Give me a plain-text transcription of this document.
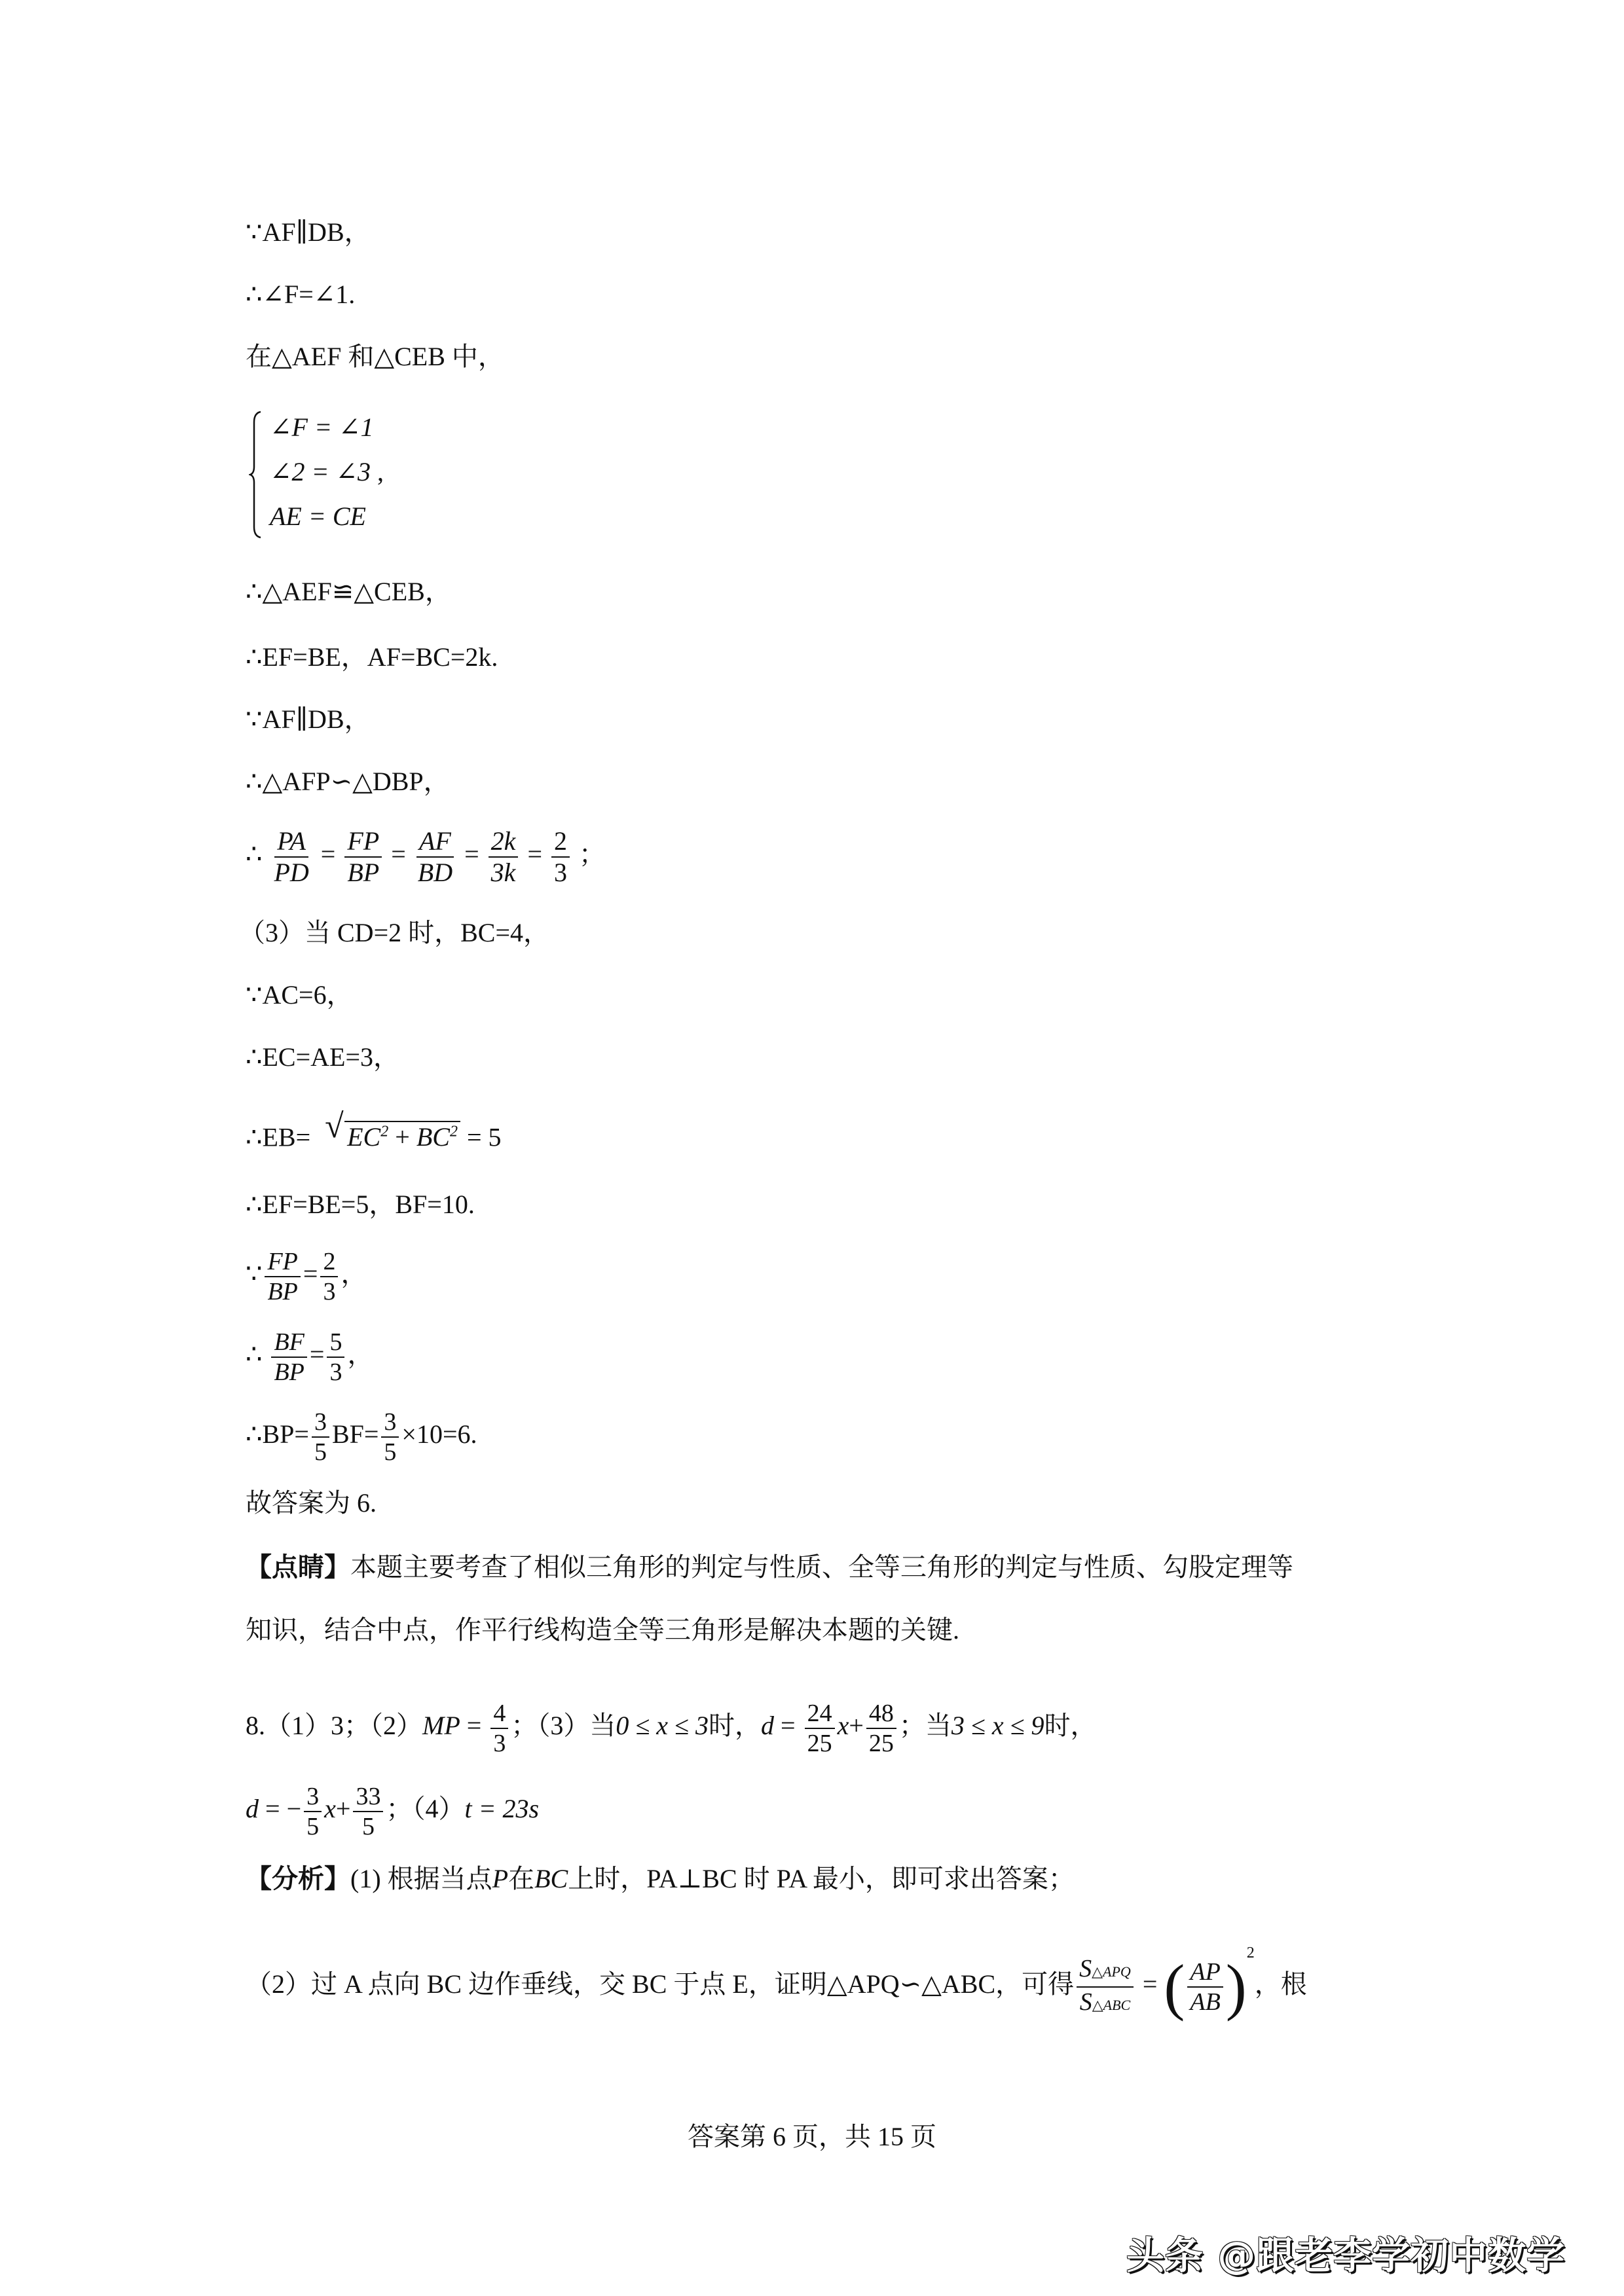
∵AF∥DB，
∴∠F=∠1.
在△AEF 和△CEB 中，
∠F = ∠1
∠2 = ∠3 ,
AE = CE
∴△AEF≌△CEB，
∴EF=BE，AF=BC=2k.
∵AF∥DB，
∴△AFP∽△DBP，
∴ $\frac{PA}{PD} = \frac{FP}{BP} = \frac{AF}{BD} = \frac{2k}{3k} = \frac{2}{3}$ ；
（3）当 CD=2 时，BC=4，
∵AC=6，
∴EC=AE=3，
∴EB= √ $EC^2 + BC^2 = 5$
∴EF=BE=5，BF=10.
∵ $\frac{FP}{BP} = \frac{2}{3}$ ，
∴ $\frac{BF}{BP} = \frac{5}{3}$ ，
∴BP= $\frac{3}{5} BF= \frac{3}{5} \times 10=6$.
故答案为 6.
【点睛】本题主要考查了相似三角形的判定与性质、全等三角形的判定与性质、勾股定理等
知识，结合中点，作平行线构造全等三角形是解决本题的关键.
8.（1）3；$(2)MP = \frac{4}{3}$ ；（3）当0 ≤ x ≤ 3时，$d = \frac{24}{25} x+ \frac{48}{25}$ ；当3 ≤ x ≤ 9时，
d = − $\frac{3}{5} x+ \frac{33}{5}$ ；（4）t = 23s
【分析】(1) 根据当点P在BC上时，PA⊥BC 时 PA 最小，即可求出答案；
（2）过 A 点向 BC 边作垂线，交 BC 于点 E，证明△APQ∽△ABC，可得 $\frac{\text{S△APQ}}{\text{S△ABC}}$ = ( $\frac{AP}{AB} )^2$，根
答案第 6 页，共 15 页
头条 @跟老李学初中数学
